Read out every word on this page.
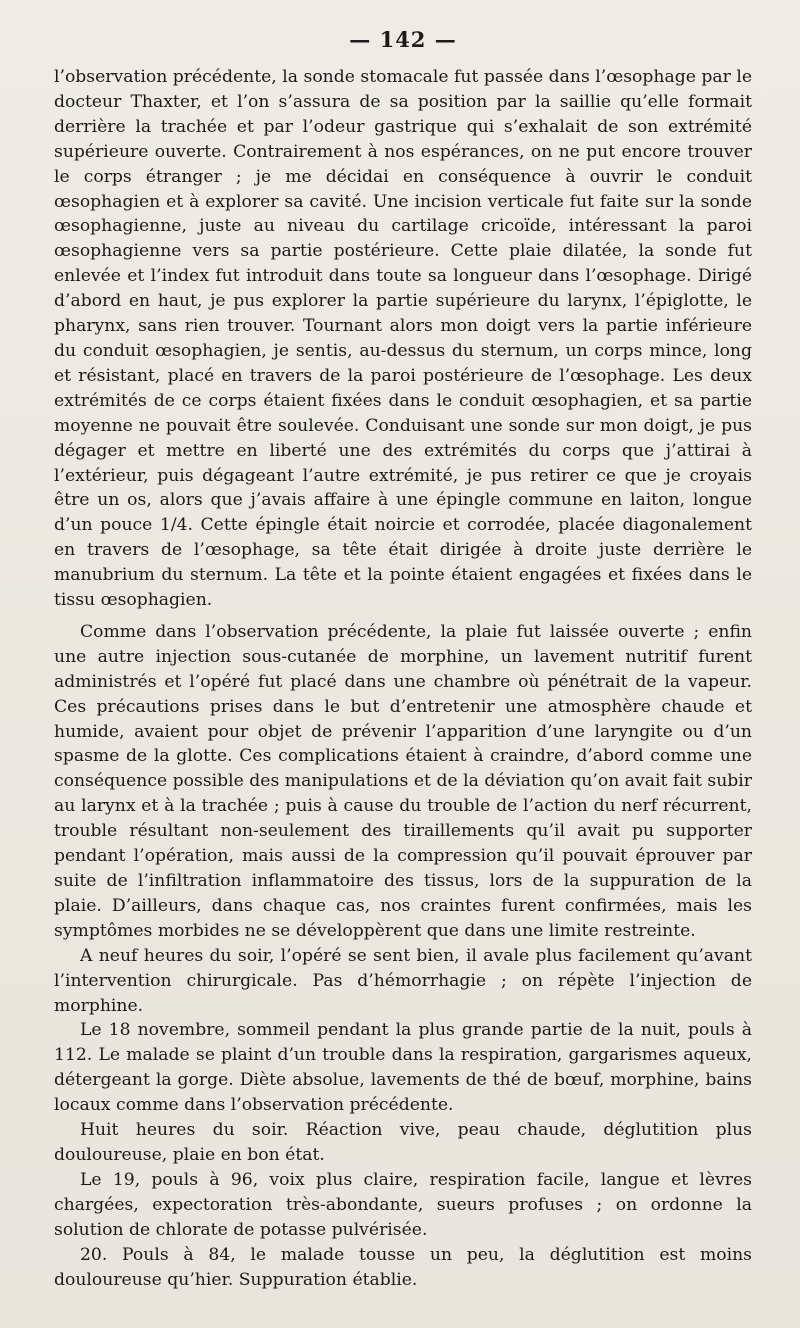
— 142 —

l’observation précédente, la sonde stomacale fut passée dans l’œsophage par le docteur Thaxter, et l’on s’assura de sa position par la saillie qu’elle formait derrière la trachée et par l’odeur gastrique qui s’exhalait de son extrémité supérieure ouverte. Contrairement à nos espérances, on ne put encore trouver le corps étranger ; je me décidai en conséquence à ouvrir le conduit œsophagien et à explorer sa cavité. Une incision verticale fut faite sur la sonde œsophagienne, juste au niveau du cartilage cricoïde, intéressant la paroi œsophagienne vers sa partie postérieure. Cette plaie dilatée, la sonde fut enlevée et l’index fut introduit dans toute sa longueur dans l’œsophage. Dirigé d’abord en haut, je pus explorer la partie supérieure du larynx, l’épiglotte, le pharynx, sans rien trouver. Tournant alors mon doigt vers la partie inférieure du conduit œsophagien, je sentis, au-dessus du sternum, un corps mince, long et résistant, placé en travers de la paroi postérieure de l’œsophage. Les deux extrémités de ce corps étaient fixées dans le conduit œsophagien, et sa partie moyenne ne pouvait être soulevée. Conduisant une sonde sur mon doigt, je pus dégager et mettre en liberté une des extrémités du corps que j’attirai à l’extérieur, puis dégageant l’autre extrémité, je pus retirer ce que je croyais être un os, alors que j’avais affaire à une épingle commune en laiton, longue d’un pouce 1/4. Cette épingle était noircie et corrodée, placée diagonalement en travers de l’œsophage, sa tête était dirigée à droite juste derrière le manubrium du sternum. La tête et la pointe étaient engagées et fixées dans le tissu œsophagien.

Comme dans l’observation précédente, la plaie fut laissée ouverte ; enfin une autre injection sous-cutanée de morphine, un lavement nutritif furent administrés et l’opéré fut placé dans une chambre où pénétrait de la vapeur. Ces précautions prises dans le but d’entretenir une atmosphère chaude et humide, avaient pour objet de prévenir l’apparition d’une laryngite ou d’un spasme de la glotte. Ces complications étaient à craindre, d’abord comme une conséquence possible des manipulations et de la déviation qu’on avait fait subir au larynx et à la trachée ; puis à cause du trouble de l’action du nerf récurrent, trouble résultant non-seulement des tiraillements qu’il avait pu supporter pendant l’opération, mais aussi de la compression qu’il pouvait éprouver par suite de l’infiltration inflammatoire des tissus, lors de la suppuration de la plaie. D’ailleurs, dans chaque cas, nos craintes furent confirmées, mais les symptômes morbides ne se développèrent que dans une limite restreinte.

A neuf heures du soir, l’opéré se sent bien, il avale plus facilement qu’avant l’intervention chirurgicale. Pas d’hémorrhagie ; on répète l’injection de morphine.

Le 18 novembre, sommeil pendant la plus grande partie de la nuit, pouls à 112. Le malade se plaint d’un trouble dans la respiration, gargarismes aqueux, détergeant la gorge. Diète absolue, lavements de thé de bœuf, morphine, bains locaux comme dans l’observation précédente.

Huit heures du soir. Réaction vive, peau chaude, déglutition plus douloureuse, plaie en bon état.

Le 19, pouls à 96, voix plus claire, respiration facile, langue et lèvres chargées, expectoration très-abondante, sueurs profuses ; on ordonne la solution de chlorate de potasse pulvérisée.

20. Pouls à 84, le malade tousse un peu, la déglutition est moins douloureuse qu’hier. Suppuration établie.
